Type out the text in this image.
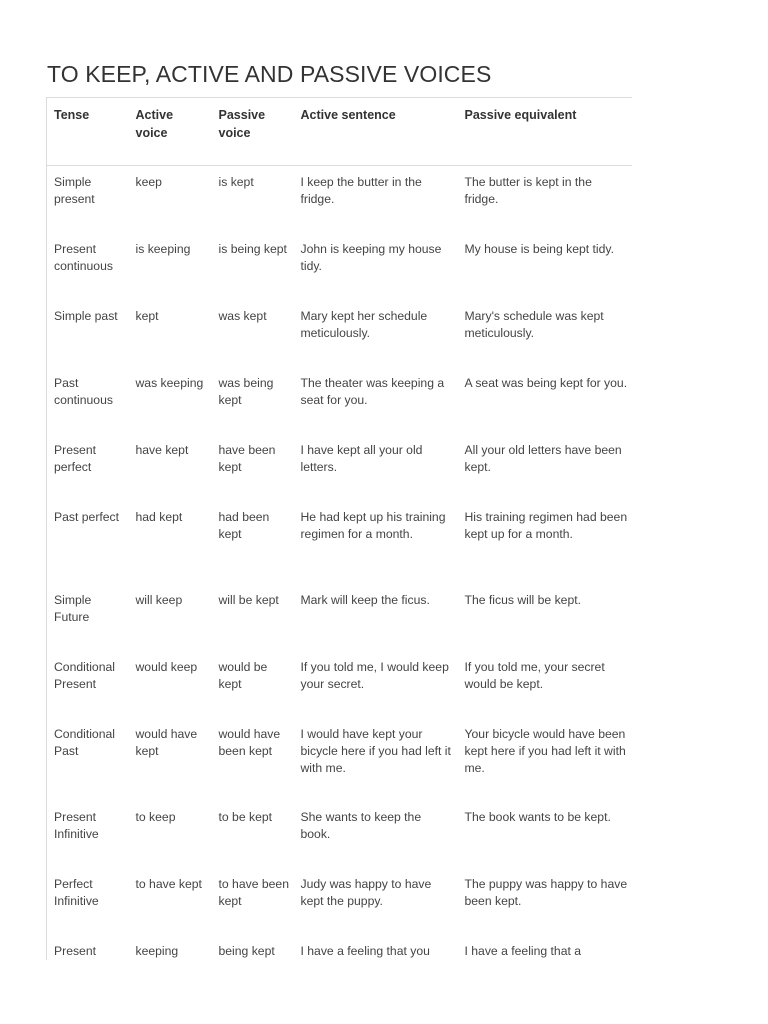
TO KEEP, ACTIVE AND PASSIVE VOICES
Tense	Active voice	Passive voice	Active sentence	Passive equivalent
Simple present	keep	is kept	I keep the butter in the fridge.	The butter is kept in the fridge.
Present continuous	is keeping	is being kept	John is keeping my house tidy.	My house is being kept tidy.
Simple past	kept	was kept	Mary kept her schedule meticulously.	Mary's schedule was kept meticulously.
Past continuous	was keeping	was being kept	The theater was keeping a seat for you.	A seat was being kept for you.
Present perfect	have kept	have been kept	I have kept all your old letters.	All your old letters have been kept.
Past perfect	had kept	had been kept	He had kept up his training regimen for a month.	His training regimen had been kept up for a month.
Simple Future	will keep	will be kept	Mark will keep the ficus.	The ficus will be kept.
Conditional Present	would keep	would be kept	If you told me, I would keep your secret.	If you told me, your secret would be kept.
Conditional Past	would have kept	would have been kept	I would have kept your bicycle here if you had left it with me.	Your bicycle would have been kept here if you had left it with me.
Present Infinitive	to keep	to be kept	She wants to keep the book.	The book wants to be kept.
Perfect Infinitive	to have kept	to have been kept	Judy was happy to have kept the puppy.	The puppy was happy to have been kept.
Present	keeping	being kept	I have a feeling that you	I have a feeling that a
